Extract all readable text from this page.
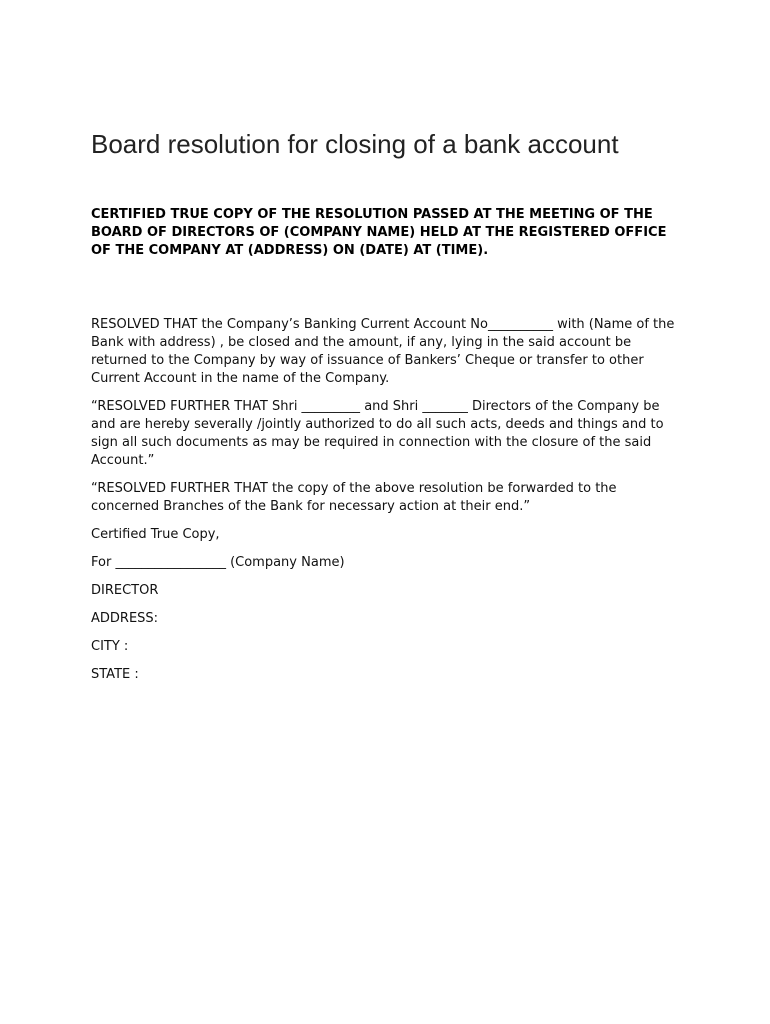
Board resolution for closing of a bank account

CERTIFIED TRUE COPY OF THE RESOLUTION PASSED AT THE MEETING OF THE BOARD OF DIRECTORS OF (COMPANY NAME) HELD AT THE REGISTERED OFFICE OF THE COMPANY AT (ADDRESS) ON (DATE) AT (TIME).

RESOLVED THAT the Company’s Banking Current Account No__________ with (Name of the Bank with address) , be closed and the amount, if any, lying in the said account be returned to the Company by way of issuance of Bankers’ Cheque or transfer to other Current Account in the name of the Company.

“RESOLVED FURTHER THAT Shri _________ and Shri _______ Directors of the Company be and are hereby severally /jointly authorized to do all such acts, deeds and things and to sign all such documents as may be required in connection with the closure of the said Account.”

“RESOLVED FURTHER THAT the copy of the above resolution be forwarded to the concerned Branches of the Bank for necessary action at their end.”

Certified True Copy,

For _________________ (Company Name)

DIRECTOR

ADDRESS:

CITY :

STATE :
